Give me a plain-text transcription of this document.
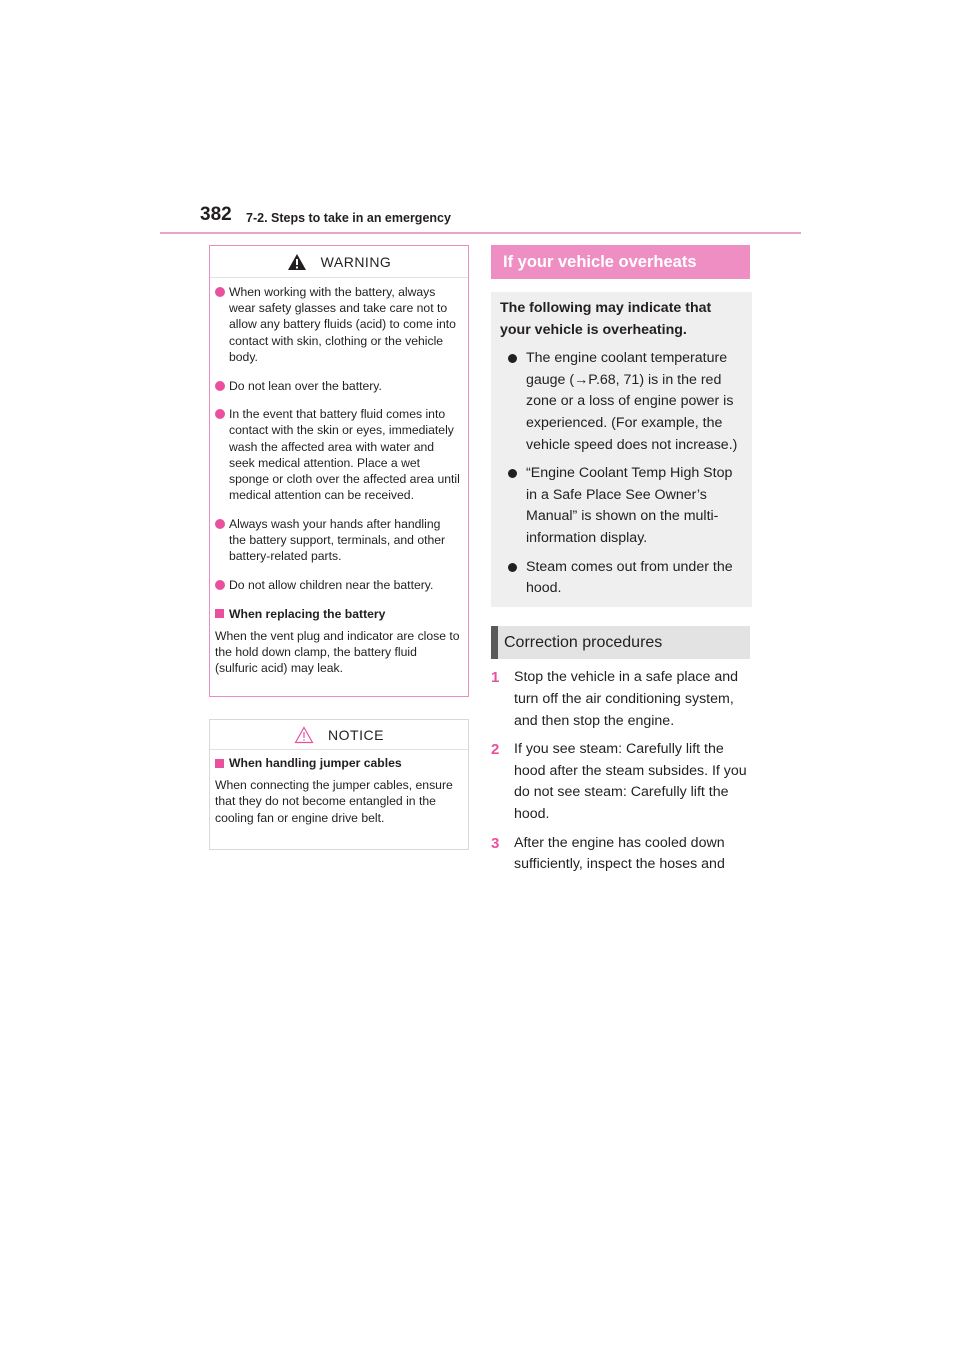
382 7-2. Steps to take in an emergency
WARNING
When working with the battery, always wear safety glasses and take care not to allow any battery fluids (acid) to come into contact with skin, clothing or the vehicle body.
Do not lean over the battery.
In the event that battery fluid comes into contact with the skin or eyes, immediately wash the affected area with water and seek medical attention. Place a wet sponge or cloth over the affected area until medical attention can be received.
Always wash your hands after handling the battery support, terminals, and other battery-related parts.
Do not allow children near the battery.
When replacing the battery
When the vent plug and indicator are close to the hold down clamp, the battery fluid (sulfuric acid) may leak.
NOTICE
When handling jumper cables
When connecting the jumper cables, ensure that they do not become entangled in the cooling fan or engine drive belt.
If your vehicle overheats
The following may indicate that your vehicle is overheating.
The engine coolant temperature gauge (→P.68, 71) is in the red zone or a loss of engine power is experienced. (For example, the vehicle speed does not increase.)
“Engine Coolant Temp High Stop in a Safe Place See Owner’s Manual” is shown on the multi-information display.
Steam comes out from under the hood.
Correction procedures
1	Stop the vehicle in a safe place and turn off the air conditioning system, and then stop the engine.
2	If you see steam: Carefully lift the hood after the steam subsides. If you do not see steam: Carefully lift the hood.
3	After the engine has cooled down sufficiently, inspect the hoses and
